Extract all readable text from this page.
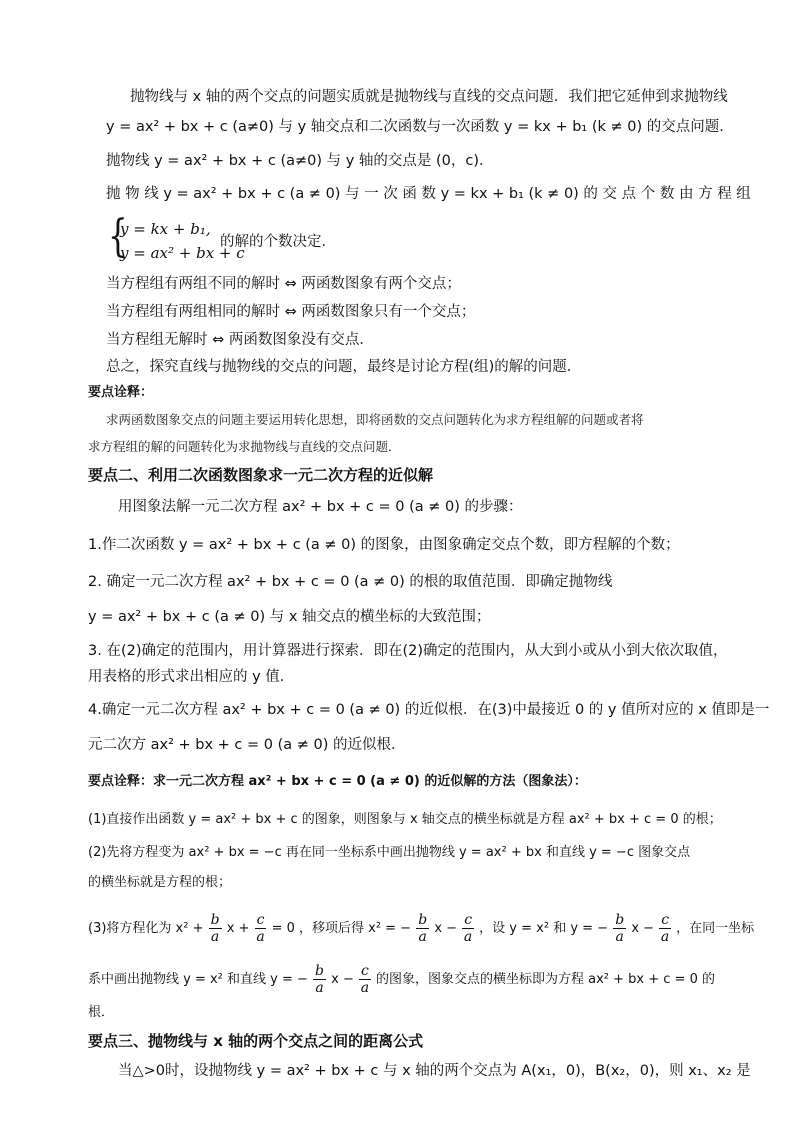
抛物线与 x 轴的两个交点的问题实质就是抛物线与直线的交点问题．我们把它延伸到求抛物线
y = ax² + bx + c (a≠0) 与 y 轴交点和二次函数与一次函数 y = kx + b₁ (k ≠ 0) 的交点问题．
抛物线 y = ax² + bx + c (a≠0) 与 y 轴的交点是 (0，c)．
抛 物 线 y = ax² + bx + c (a ≠ 0) 与 一 次 函 数 y = kx + b₁ (k ≠ 0) 的 交 点 个 数 由 方 程 组
{
y = kx + b₁,
y = ax² + bx + c
的解的个数决定．
当方程组有两组不同的解时 ⇔ 两函数图象有两个交点；
当方程组有两组相同的解时 ⇔ 两函数图象只有一个交点；
当方程组无解时 ⇔ 两函数图象没有交点．
总之，探究直线与抛物线的交点的问题，最终是讨论方程(组)的解的问题．
要点诠释：
求两函数图象交点的问题主要运用转化思想，即将函数的交点问题转化为求方程组解的问题或者将
求方程组的解的问题转化为求抛物线与直线的交点问题．
要点二、利用二次函数图象求一元二次方程的近似解
用图象法解一元二次方程 ax² + bx + c = 0 (a ≠ 0) 的步骤：
1.作二次函数 y = ax² + bx + c (a ≠ 0) 的图象，由图象确定交点个数，即方程解的个数；
2. 确定一元二次方程 ax² + bx + c = 0 (a ≠ 0) 的根的取值范围．即确定抛物线
y = ax² + bx + c (a ≠ 0) 与 x 轴交点的横坐标的大致范围；
3. 在(2)确定的范围内，用计算器进行探索．即在(2)确定的范围内，从大到小或从小到大依次取值，
用表格的形式求出相应的 y 值．
4.确定一元二次方程 ax² + bx + c = 0 (a ≠ 0) 的近似根．在(3)中最接近 0 的 y 值所对应的 x 值即是一
元二次方 ax² + bx + c = 0 (a ≠ 0) 的近似根．
要点诠释：求一元二次方程 ax² + bx + c = 0 (a ≠ 0) 的近似解的方法（图象法）：
(1)直接作出函数 y = ax² + bx + c 的图象，则图象与 x 轴交点的横坐标就是方程 ax² + bx + c = 0 的根；
(2)先将方程变为 ax² + bx = −c 再在同一坐标系中画出抛物线 y = ax² + bx 和直线 y = −c 图象交点
的横坐标就是方程的根；
(3)将方程化为 $x^2 + \frac{b}{a}$ $x + \frac{c}{a} = 0$ ，移项后得 x² = − $\frac{b}{a}$ $x - \frac{c}{a}$ ，设 y = x² 和 y = − $\frac{b}{a}$ $x - \frac{c}{a}$ ，在同一坐标
系中画出抛物线 y = x² 和直线 y = − $\frac{b}{a}$ $x - \frac{c}{a}$ 的图象，图象交点的横坐标即为方程 ax² + bx + c = 0 的
根．
要点三、抛物线与 x 轴的两个交点之间的距离公式
当△>0时，设抛物线 y = ax² + bx + c 与 x 轴的两个交点为 A(x₁，0)，B(x₂，0)，则 x₁、x₂ 是
